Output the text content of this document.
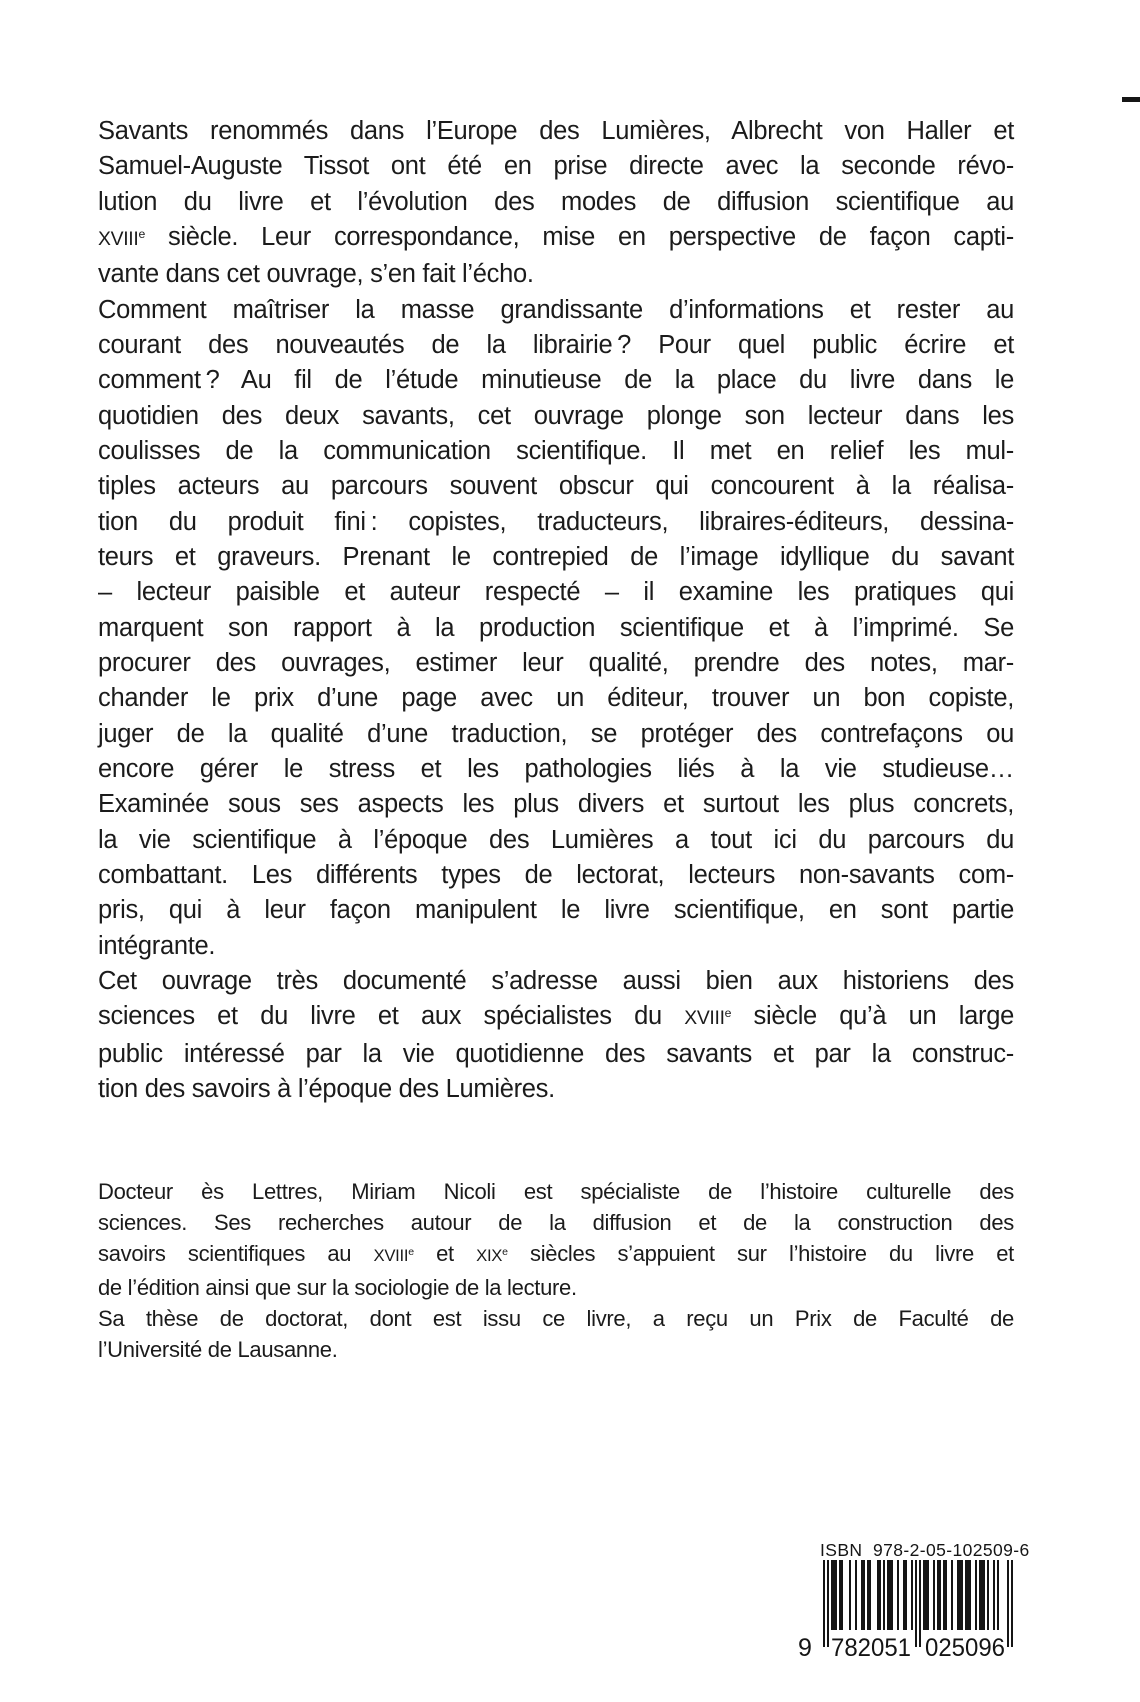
Savants renommés dans l’Europe des Lumières, Albrecht von Haller et
Samuel-Auguste Tissot ont été en prise directe avec la seconde révo-
lution du livre et l’évolution des modes de diffusion scientifique au
XVIIIe siècle. Leur correspondance, mise en perspective de façon capti-
vante dans cet ouvrage, s’en fait l’écho.
Comment maîtriser la masse grandissante d’informations et rester au
courant des nouveautés de la librairie ? Pour quel public écrire et
comment ? Au fil de l’étude minutieuse de la place du livre dans le
quotidien des deux savants, cet ouvrage plonge son lecteur dans les
coulisses de la communication scientifique. Il met en relief les mul-
tiples acteurs au parcours souvent obscur qui concourent à la réalisa-
tion du produit fini : copistes, traducteurs, libraires-éditeurs, dessina-
teurs et graveurs. Prenant le contrepied de l’image idyllique du savant
– lecteur paisible et auteur respecté – il examine les pratiques qui
marquent son rapport à la production scientifique et à l’imprimé. Se
procurer des ouvrages, estimer leur qualité, prendre des notes, mar-
chander le prix d’une page avec un éditeur, trouver un bon copiste,
juger de la qualité d’une traduction, se protéger des contrefaçons ou
encore gérer le stress et les pathologies liés à la vie studieuse…
Examinée sous ses aspects les plus divers et surtout les plus concrets,
la vie scientifique à l’époque des Lumières a tout ici du parcours du
combattant. Les différents types de lectorat, lecteurs non-savants com-
pris, qui à leur façon manipulent le livre scientifique, en sont partie
intégrante.
Cet ouvrage très documenté s’adresse aussi bien aux historiens des
sciences et du livre et aux spécialistes du XVIIIe siècle qu’à un large
public intéressé par la vie quotidienne des savants et par la construc-
tion des savoirs à l’époque des Lumières.
Docteur ès Lettres, Miriam Nicoli est spécialiste de l’histoire culturelle des
sciences. Ses recherches autour de la diffusion et de la construction des
savoirs scientifiques au XVIIIe et XIXe siècles s’appuient sur l’histoire du livre et
de l’édition ainsi que sur la sociologie de la lecture.
Sa thèse de doctorat, dont est issu ce livre, a reçu un Prix de Faculté de
l’Université de Lausanne.
ISBN  978-2-05-102509-6
9 782051 025096
